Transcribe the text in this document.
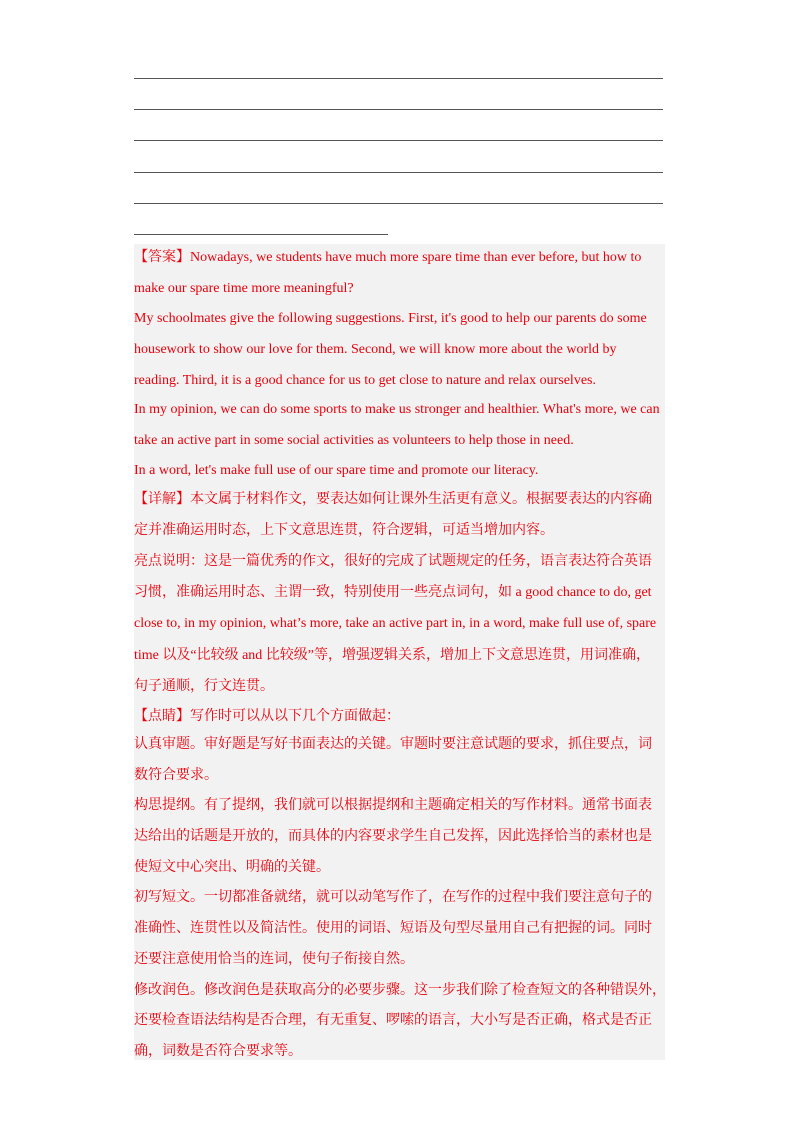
【答案】Nowadays, we students have much more spare time than ever before, but how to
make our spare time more meaningful?
My schoolmates give the following suggestions. First, it's good to help our parents do some
housework to show our love for them. Second, we will know more about the world by
reading. Third, it is a good chance for us to get close to nature and relax ourselves.
In my opinion, we can do some sports to make us stronger and healthier. What's more, we can
take an active part in some social activities as volunteers to help those in need.
In a word, let's make full use of our spare time and promote our literacy.
【详解】本文属于材料作文，要表达如何让课外生活更有意义。根据要表达的内容确
定并准确运用时态，上下文意思连贯，符合逻辑，可适当增加内容。
亮点说明：这是一篇优秀的作文，很好的完成了试题规定的任务，语言表达符合英语
习惯，准确运用时态、主谓一致，特别使用一些亮点词句，如 a good chance to do, get
close to, in my opinion, what’s more, take an active part in, in a word, make full use of, spare
time 以及“比较级 and 比较级”等，增强逻辑关系，增加上下文意思连贯，用词准确，
句子通顺，行文连贯。
【点睛】写作时可以从以下几个方面做起：
认真审题。审好题是写好书面表达的关键。审题时要注意试题的要求，抓住要点，词
数符合要求。
构思提纲。有了提纲，我们就可以根据提纲和主题确定相关的写作材料。通常书面表
达给出的话题是开放的，而具体的内容要求学生自己发挥，因此选择恰当的素材也是
使短文中心突出、明确的关键。
初写短文。一切都准备就绪，就可以动笔写作了，在写作的过程中我们要注意句子的
准确性、连贯性以及简洁性。使用的词语、短语及句型尽量用自己有把握的词。同时
还要注意使用恰当的连词，使句子衔接自然。
修改润色。修改润色是获取高分的必要步骤。这一步我们除了检查短文的各种错误外，
还要检查语法结构是否合理，有无重复、啰嗦的语言，大小写是否正确，格式是否正
确，词数是否符合要求等。
